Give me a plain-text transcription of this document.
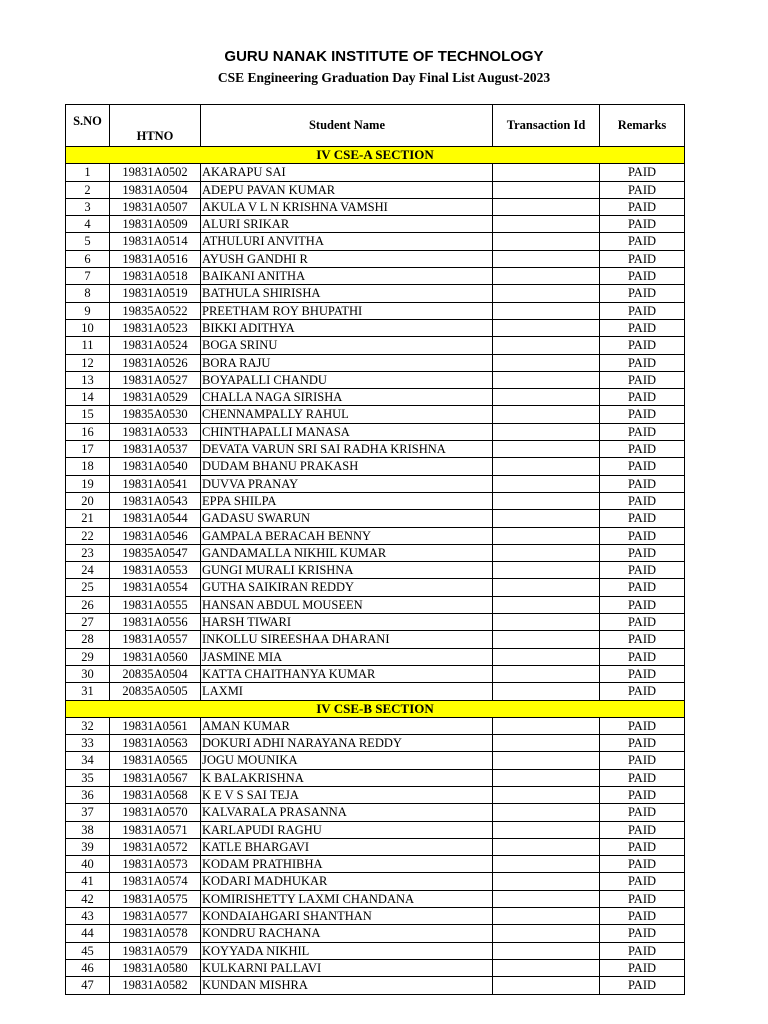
GURU NANAK INSTITUTE OF TECHNOLOGY
CSE Engineering Graduation Day Final List August-2023
S.NO	HTNO	Student Name	Transaction Id	Remarks
IV CSE-A SECTION				
1	19831A0502	AKARAPU SAI		PAID
2	19831A0504	ADEPU PAVAN KUMAR		PAID
3	19831A0507	AKULA V L N KRISHNA VAMSHI		PAID
4	19831A0509	ALURI SRIKAR		PAID
5	19831A0514	ATHULURI ANVITHA		PAID
6	19831A0516	AYUSH GANDHI R		PAID
7	19831A0518	BAIKANI ANITHA		PAID
8	19831A0519	BATHULA SHIRISHA		PAID
9	19835A0522	PREETHAM ROY BHUPATHI		PAID
10	19831A0523	BIKKI ADITHYA		PAID
11	19831A0524	BOGA SRINU		PAID
12	19831A0526	BORA RAJU		PAID
13	19831A0527	BOYAPALLI CHANDU		PAID
14	19831A0529	CHALLA NAGA SIRISHA		PAID
15	19835A0530	CHENNAMPALLY RAHUL		PAID
16	19831A0533	CHINTHAPALLI MANASA		PAID
17	19831A0537	DEVATA VARUN SRI SAI RADHA KRISHNA		PAID
18	19831A0540	DUDAM BHANU PRAKASH		PAID
19	19831A0541	DUVVA PRANAY		PAID
20	19831A0543	EPPA SHILPA		PAID
21	19831A0544	GADASU SWARUN		PAID
22	19831A0546	GAMPALA BERACAH BENNY		PAID
23	19835A0547	GANDAMALLA NIKHIL KUMAR		PAID
24	19831A0553	GUNGI MURALI KRISHNA		PAID
25	19831A0554	GUTHA SAIKIRAN REDDY		PAID
26	19831A0555	HANSAN ABDUL MOUSEEN		PAID
27	19831A0556	HARSH TIWARI		PAID
28	19831A0557	INKOLLU SIREESHAA DHARANI		PAID
29	19831A0560	JASMINE MIA		PAID
30	20835A0504	KATTA CHAITHANYA KUMAR		PAID
31	20835A0505	LAXMI		PAID
IV CSE-B SECTION				
32	19831A0561	AMAN KUMAR		PAID
33	19831A0563	DOKURI ADHI NARAYANA REDDY		PAID
34	19831A0565	JOGU MOUNIKA		PAID
35	19831A0567	K BALAKRISHNA		PAID
36	19831A0568	K E V S SAI TEJA		PAID
37	19831A0570	KALVARALA PRASANNA		PAID
38	19831A0571	KARLAPUDI RAGHU		PAID
39	19831A0572	KATLE BHARGAVI		PAID
40	19831A0573	KODAM PRATHIBHA		PAID
41	19831A0574	KODARI MADHUKAR		PAID
42	19831A0575	KOMIRISHETTY LAXMI CHANDANA		PAID
43	19831A0577	KONDAIAHGARI SHANTHAN		PAID
44	19831A0578	KONDRU RACHANA		PAID
45	19831A0579	KOYYADA NIKHIL		PAID
46	19831A0580	KULKARNI PALLAVI		PAID
47	19831A0582	KUNDAN MISHRA		PAID
